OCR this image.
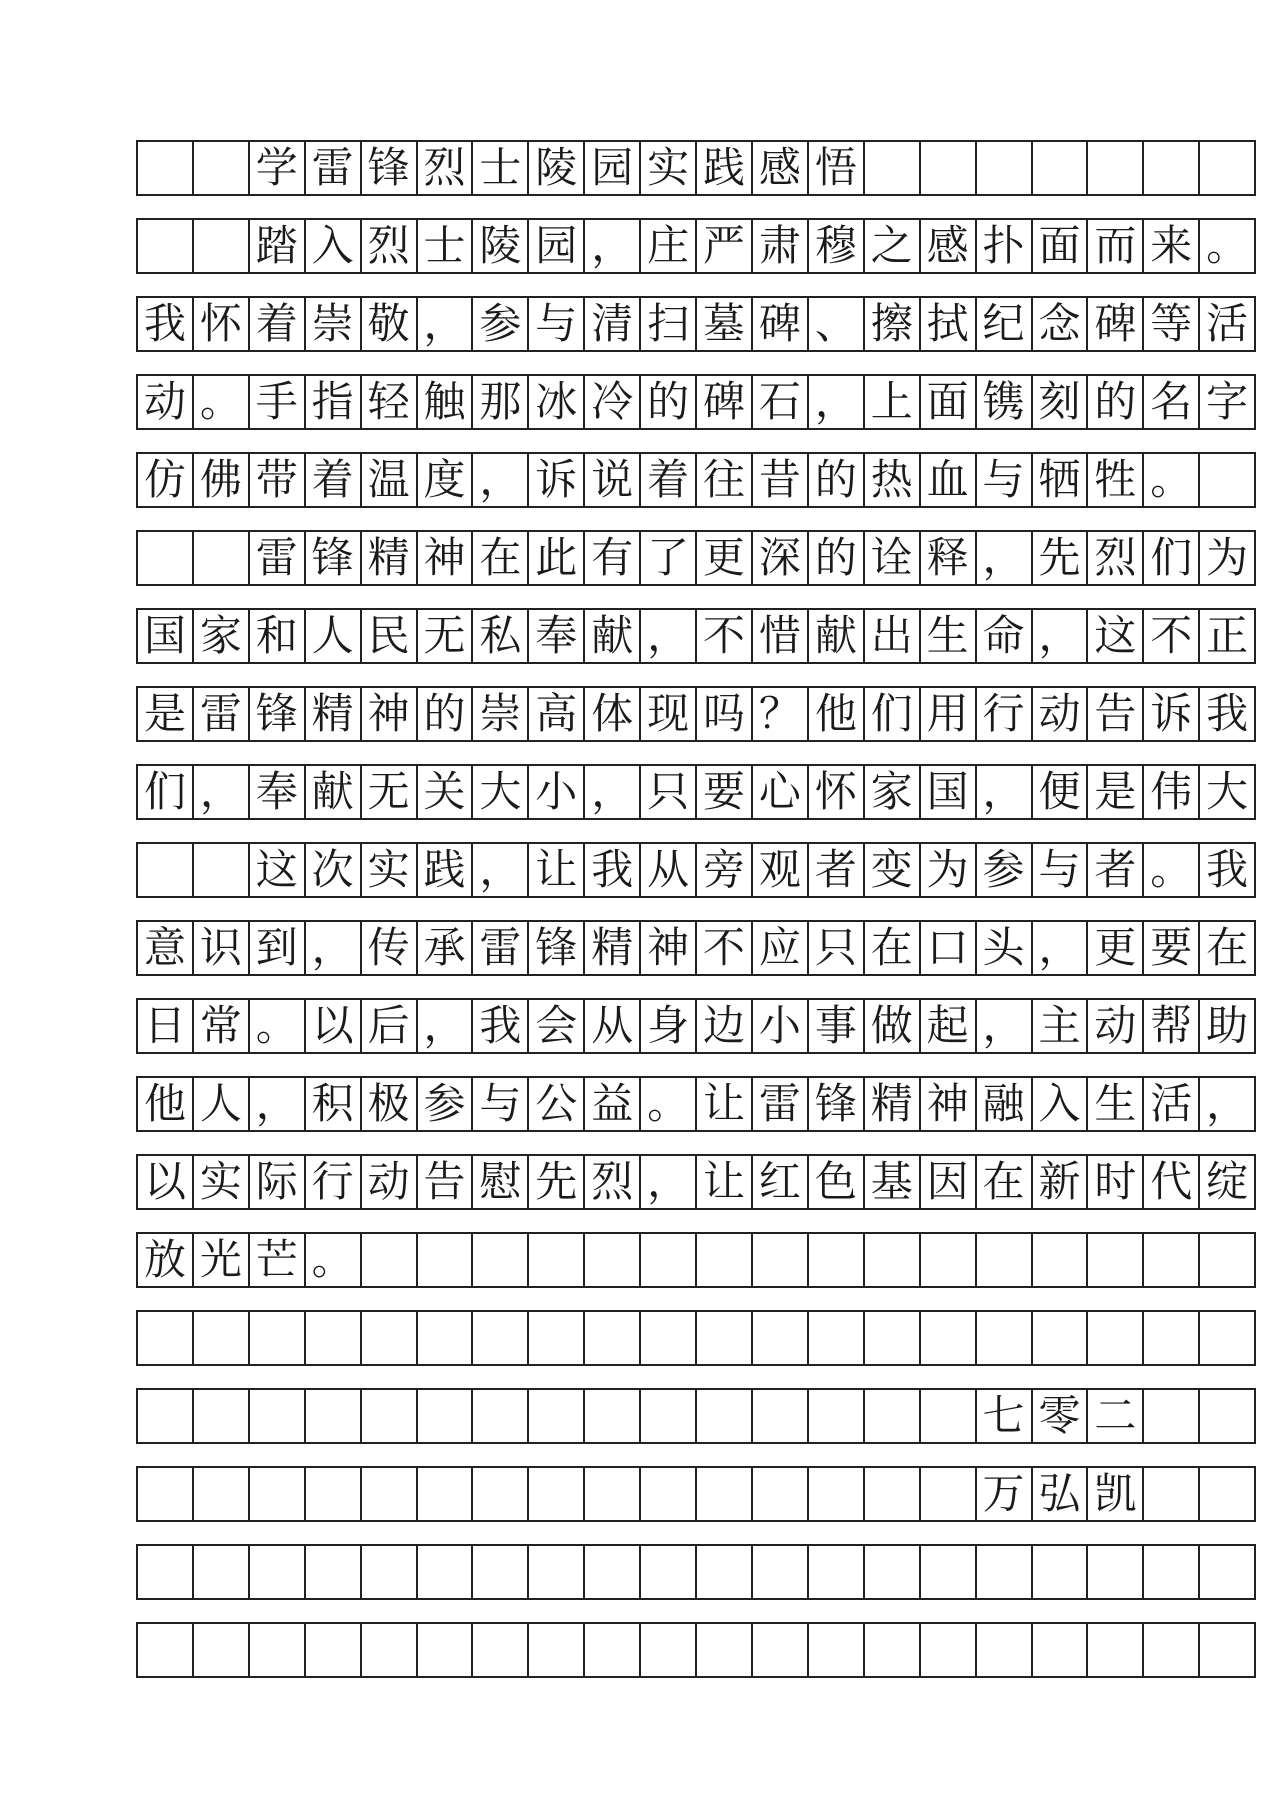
学 雷 锋 烈 士 陵 园 实 践 感 悟
踏 入 烈 士 陵 园 ， 庄 严 肃 穆 之 感 扑 面 而 来 。
我 怀 着 崇 敬 ， 参 与 清 扫 墓 碑 、 擦 拭 纪 念 碑 等 活
动 。 手 指 轻 触 那 冰 冷 的 碑 石 ， 上 面 镌 刻 的 名 字
仿 佛 带 着 温 度 ， 诉 说 着 往 昔 的 热 血 与 牺 牲 。
雷 锋 精 神 在 此 有 了 更 深 的 诠 释 ， 先 烈 们 为
国 家 和 人 民 无 私 奉 献 ， 不 惜 献 出 生 命 ， 这 不 正
是 雷 锋 精 神 的 崇 高 体 现 吗 ？ 他 们 用 行 动 告 诉 我
们 ， 奉 献 无 关 大 小 ， 只 要 心 怀 家 国 ， 便 是 伟 大
这 次 实 践 ， 让 我 从 旁 观 者 变 为 参 与 者 。 我
意 识 到 ， 传 承 雷 锋 精 神 不 应 只 在 口 头 ， 更 要 在
日 常 。 以 后 ， 我 会 从 身 边 小 事 做 起 ， 主 动 帮 助
他 人 ， 积 极 参 与 公 益 。 让 雷 锋 精 神 融 入 生 活 ，
以 实 际 行 动 告 慰 先 烈 ， 让 红 色 基 因 在 新 时 代 绽
放 光 芒 。
七 零 二
万 弘 凯
